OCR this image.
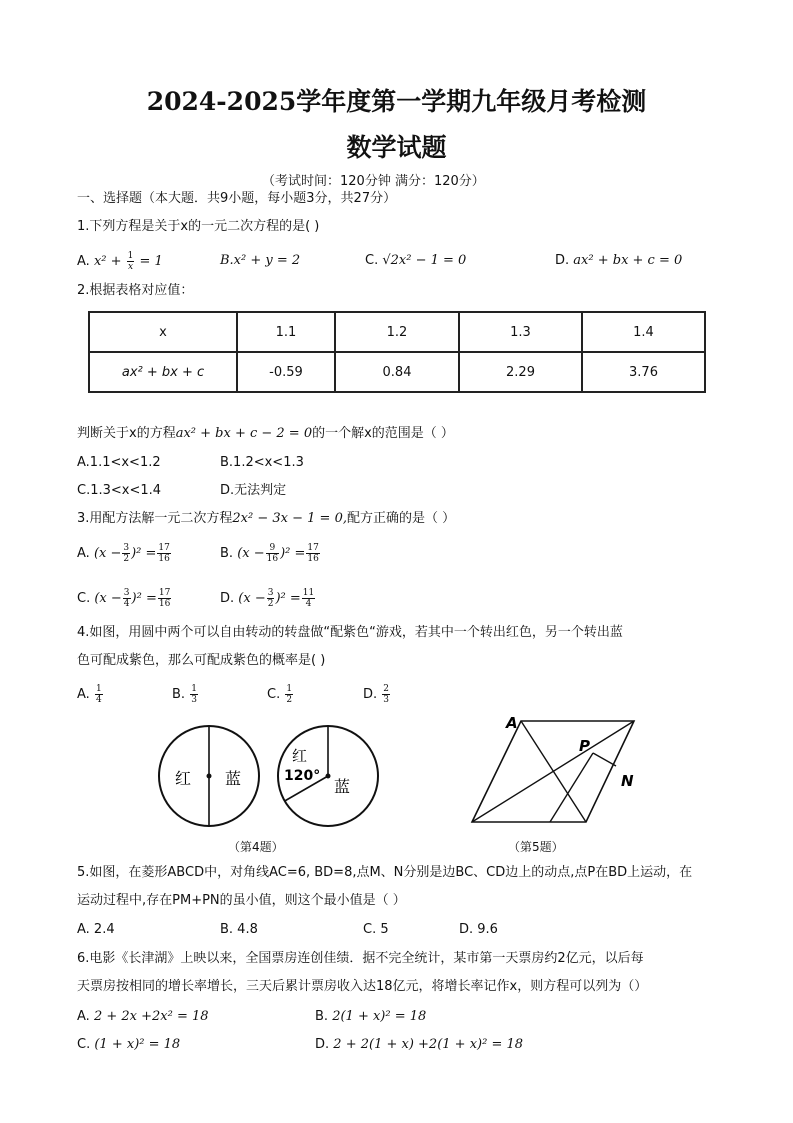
2024-2025学年度第一学期九年级月考检测
数学试题
（考试时间：120分钟 满分：120分）
一、选择题（本大题．共9小题，每小题3分，共27分）
1.下列方程是关于x的一元二次方程的是( )
A. $x^2 + \frac{1}{x} = 1$	B.x² + y = 2	C. √2x² − 1 = 0	D. ax² + bx + c = 0
2.根据表格对应值：
x	1.1	1.2	1.3	1.4
ax² + bx + c	-0.59	0.84	2.29	3.76
判断关于x的方程ax² + bx + c − 2 = 0的一个解x的范围是（ ）
A.1.1<x<1.2	B.1.2<x<1.3
C.1.3<x<1.4	D.无法判定
3.用配方法解一元二次方程2x² − 3x − 1 = 0,配方正确的是（ ）
A. $(x - \frac{3}{2} )^2 = \frac{17}{16}$	B. $(x - \frac{9}{16} )^2 = \frac{17}{16}$
C. $(x - \frac{3}{4} )^2 = \frac{17}{16}$	D. $(x - \frac{3}{2} )^2 = \frac{11}{4}$
4.如图，用圆中两个可以自由转动的转盘做“配紫色“游戏，若其中一个转出红色，另一个转出蓝
色可配成紫色，那么可配成紫色的概率是( )
A. $\frac{1}{4}$	B. $\frac{1}{3}$	C. $\frac{1}{2}$	D. $\frac{2}{3}$
红 蓝
红
120°
蓝
A
P
N
（第4题）	（第5题）
5.如图，在菱形ABCD中，对角线AC=6, BD=8,点M、N分别是边BC、CD边上的动点,点P在BD上运动，在
运动过程中,存在PM+PN的虽小值，则这个最小值是（ ）
A. 2.4	B. 4.8	C. 5	D. 9.6
6.电影《长津湖》上映以来，全国票房连创佳绩．据不完全统计，某市第一天票房约2亿元，以后每
天票房按相同的增长率增长，三天后累计票房收入达18亿元，将增长率记作x，则方程可以列为（）
A. 2 + 2x +2x² = 18	B. 2(1 + x)² = 18
C. (1 + x)² = 18	D. 2 + 2(1 + x) +2(1 + x)² = 18
